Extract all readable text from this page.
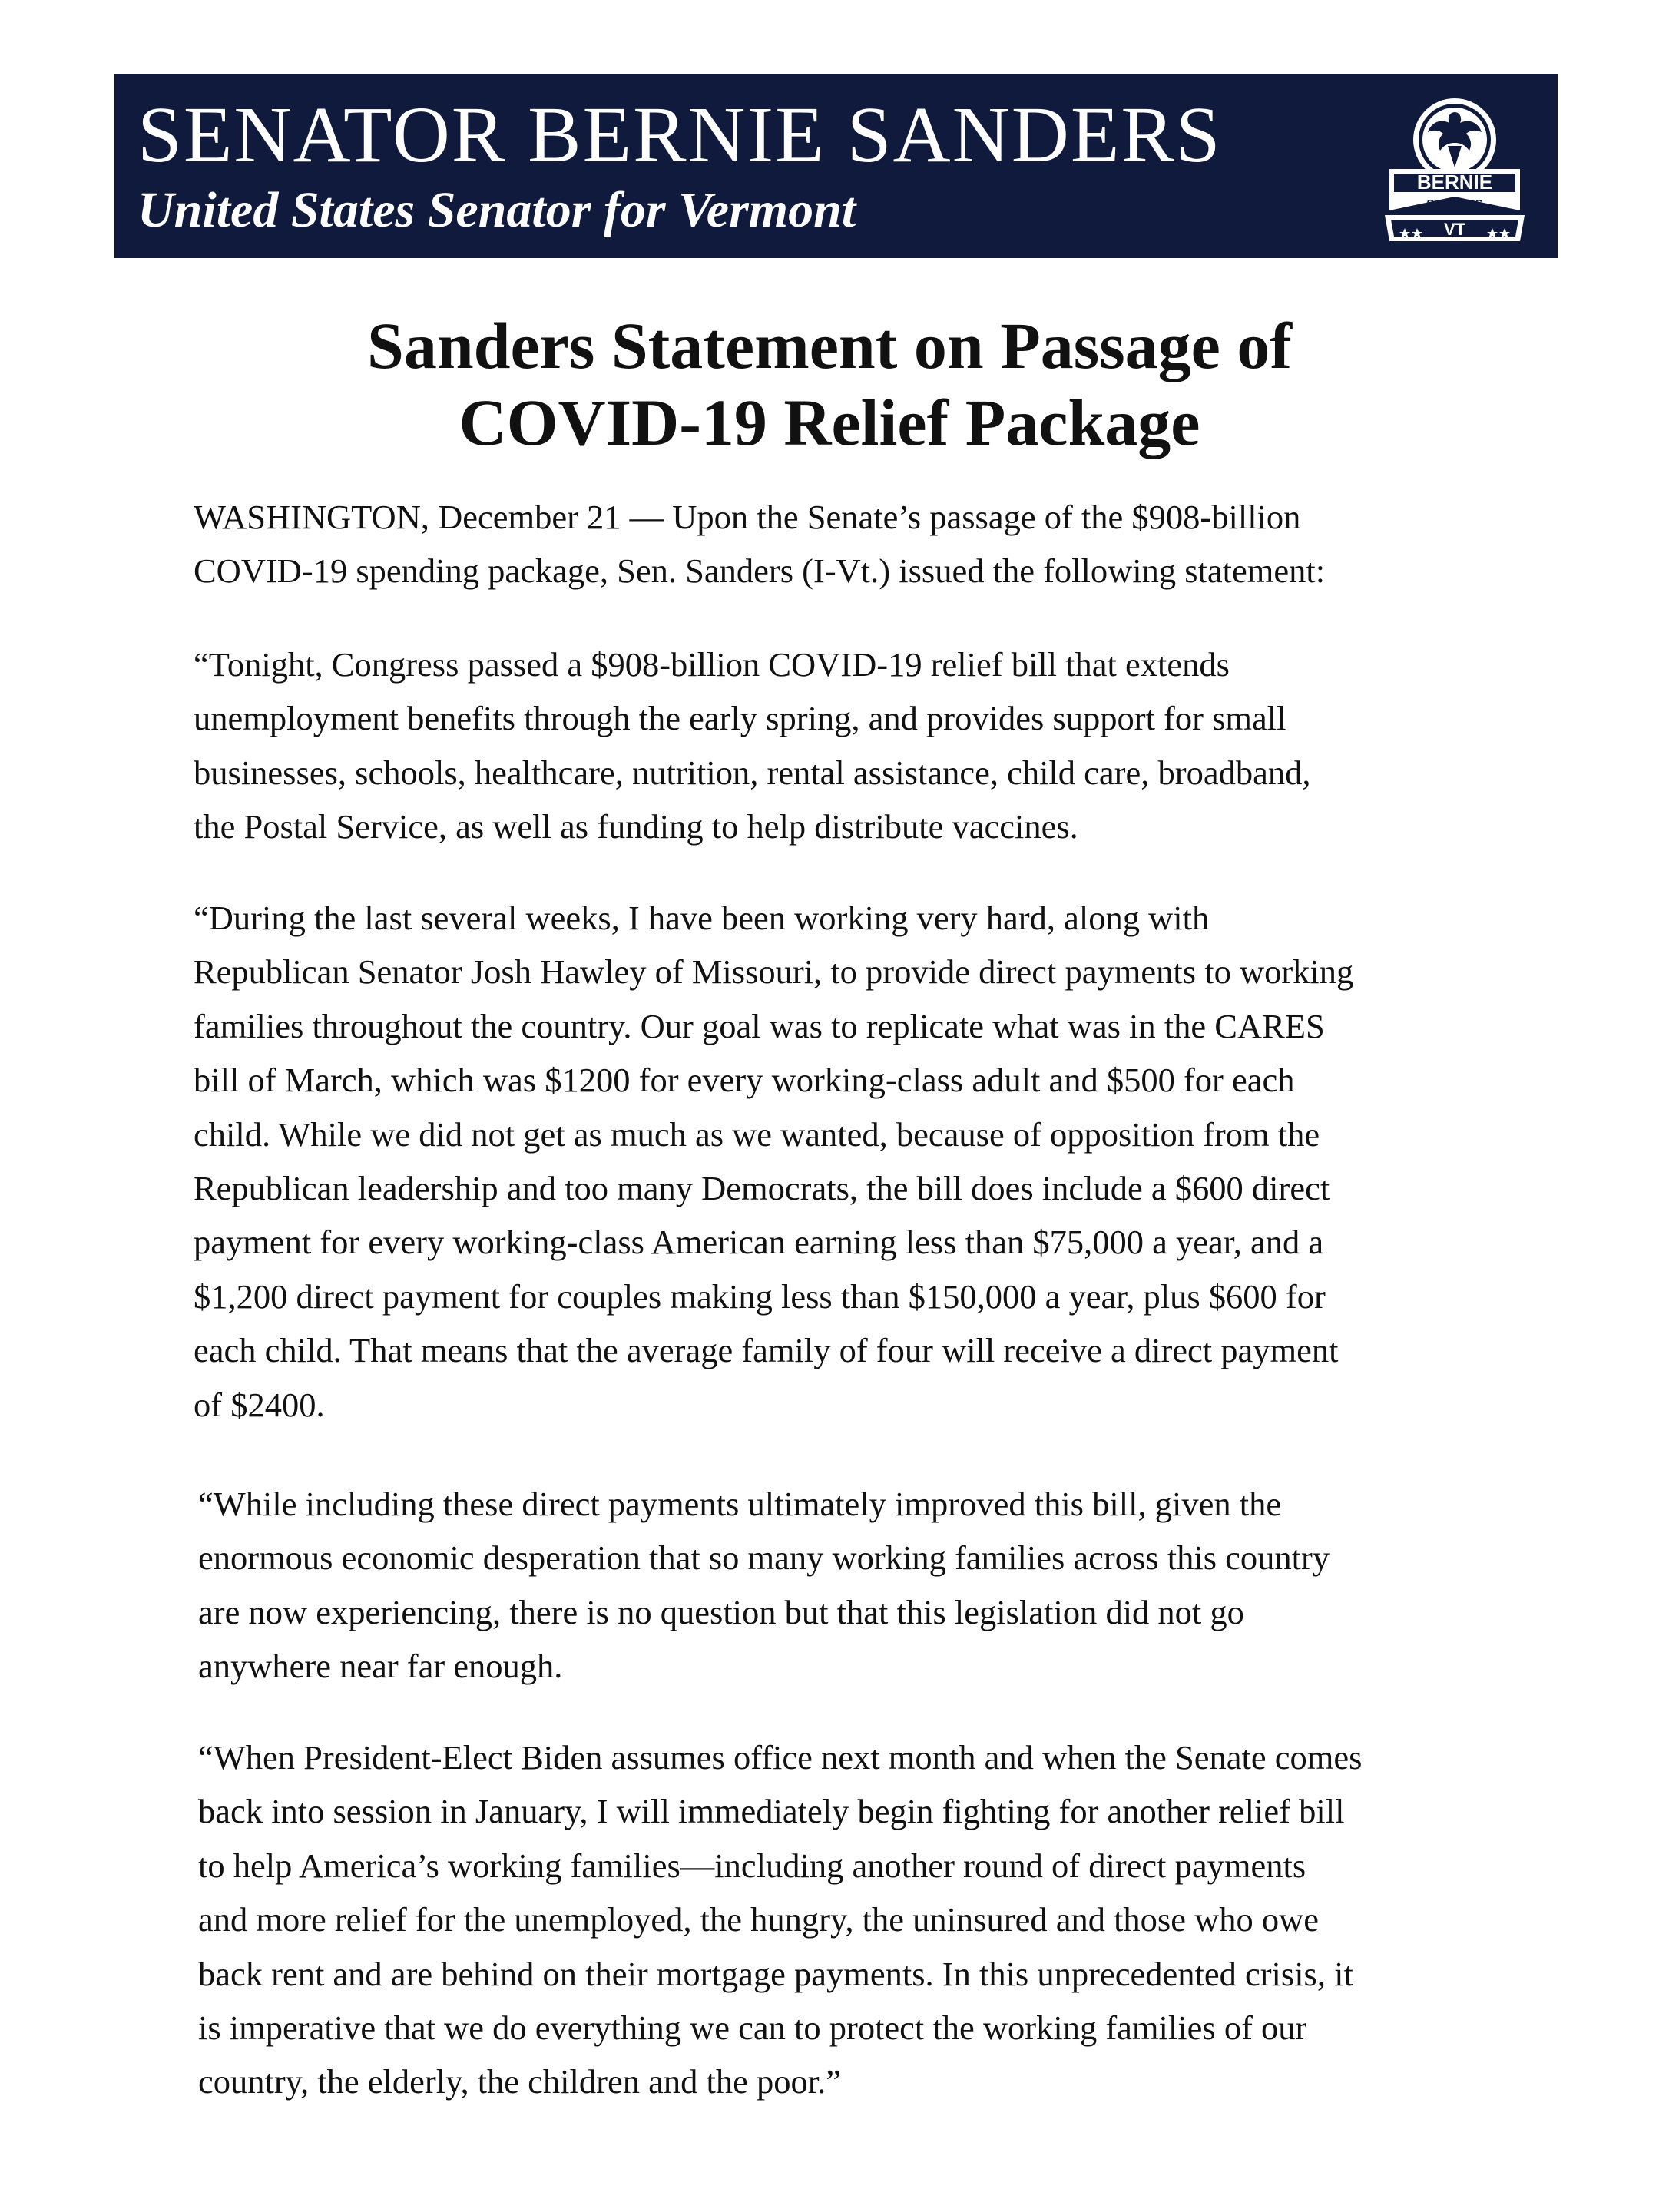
SENATOR BERNIE SANDERS
United States Senator for Vermont	BERNIE
SANDERS
VT
Sanders Statement on Passage of
COVID-19 Relief Package
WASHINGTON, December 21 — Upon the Senate’s passage of the $908-billion
COVID-19 spending package, Sen. Sanders (I-Vt.) issued the following statement:
“Tonight, Congress passed a $908-billion COVID-19 relief bill that extends
unemployment benefits through the early spring, and provides support for small
businesses, schools, healthcare, nutrition, rental assistance, child care, broadband,
the Postal Service, as well as funding to help distribute vaccines.
“During the last several weeks, I have been working very hard, along with
Republican Senator Josh Hawley of Missouri, to provide direct payments to working
families throughout the country. Our goal was to replicate what was in the CARES
bill of March, which was $1200 for every working-class adult and $500 for each
child. While we did not get as much as we wanted, because of opposition from the
Republican leadership and too many Democrats, the bill does include a $600 direct
payment for every working-class American earning less than $75,000 a year, and a
$1,200 direct payment for couples making less than $150,000 a year, plus $600 for
each child. That means that the average family of four will receive a direct payment
of $2400.
“While including these direct payments ultimately improved this bill, given the
enormous economic desperation that so many working families across this country
are now experiencing, there is no question but that this legislation did not go
anywhere near far enough.
“When President-Elect Biden assumes office next month and when the Senate comes
back into session in January, I will immediately begin fighting for another relief bill
to help America’s working families—including another round of direct payments
and more relief for the unemployed, the hungry, the uninsured and those who owe
back rent and are behind on their mortgage payments. In this unprecedented crisis, it
is imperative that we do everything we can to protect the working families of our
country, the elderly, the children and the poor.”
